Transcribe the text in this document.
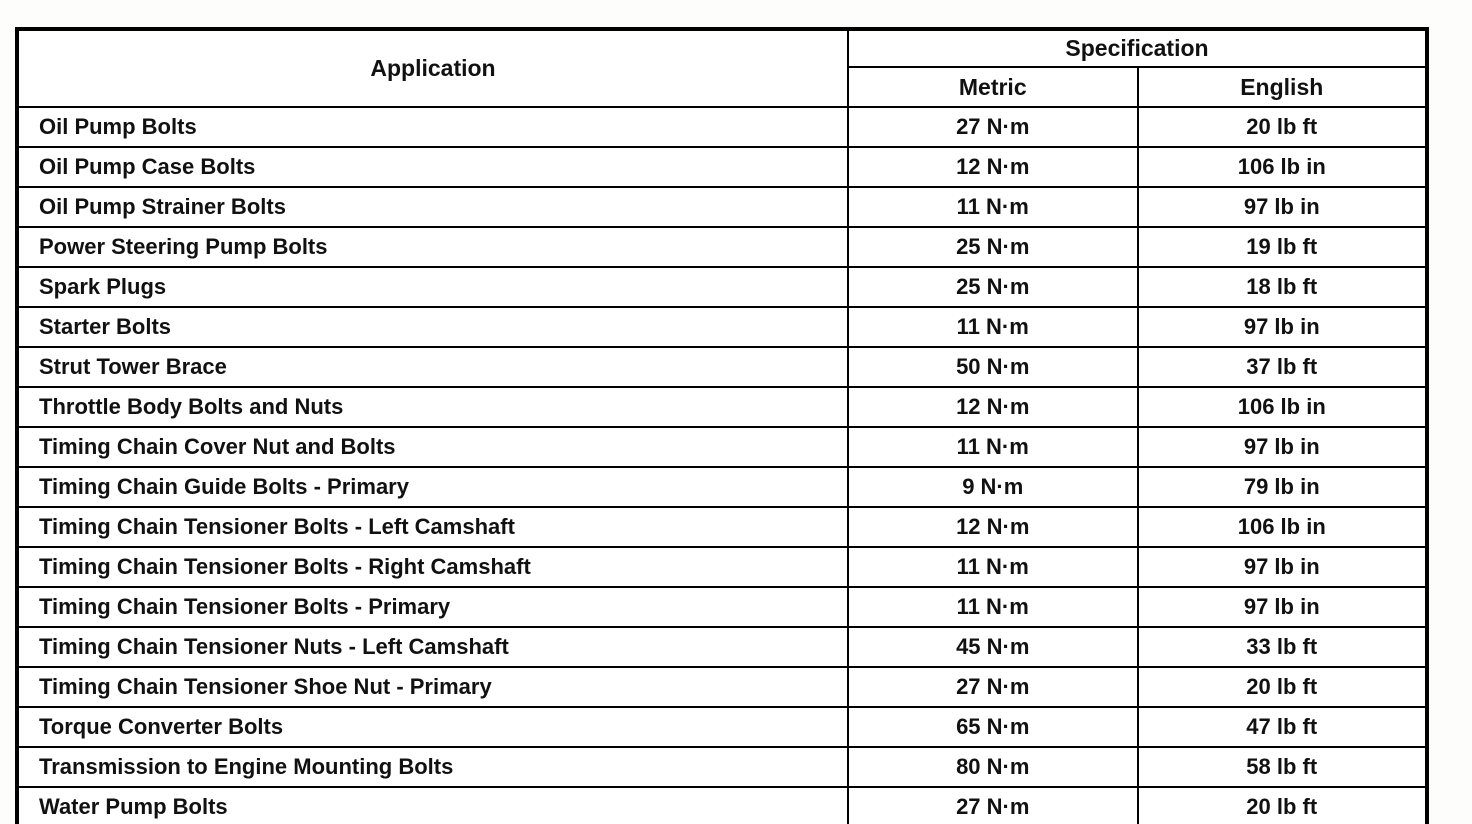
Application	Specification	
	Metric	English
Oil Pump Bolts	27 N·m	20 lb ft
Oil Pump Case Bolts	12 N·m	106 lb in
Oil Pump Strainer Bolts	11 N·m	97 lb in
Power Steering Pump Bolts	25 N·m	19 lb ft
Spark Plugs	25 N·m	18 lb ft
Starter Bolts	11 N·m	97 lb in
Strut Tower Brace	50 N·m	37 lb ft
Throttle Body Bolts and Nuts	12 N·m	106 lb in
Timing Chain Cover Nut and Bolts	11 N·m	97 lb in
Timing Chain Guide Bolts - Primary	9 N·m	79 lb in
Timing Chain Tensioner Bolts - Left Camshaft	12 N·m	106 lb in
Timing Chain Tensioner Bolts - Right Camshaft	11 N·m	97 lb in
Timing Chain Tensioner Bolts - Primary	11 N·m	97 lb in
Timing Chain Tensioner Nuts - Left Camshaft	45 N·m	33 lb ft
Timing Chain Tensioner Shoe Nut - Primary	27 N·m	20 lb ft
Torque Converter Bolts	65 N·m	47 lb ft
Transmission to Engine Mounting Bolts	80 N·m	58 lb ft
Water Pump Bolts	27 N·m	20 lb ft
